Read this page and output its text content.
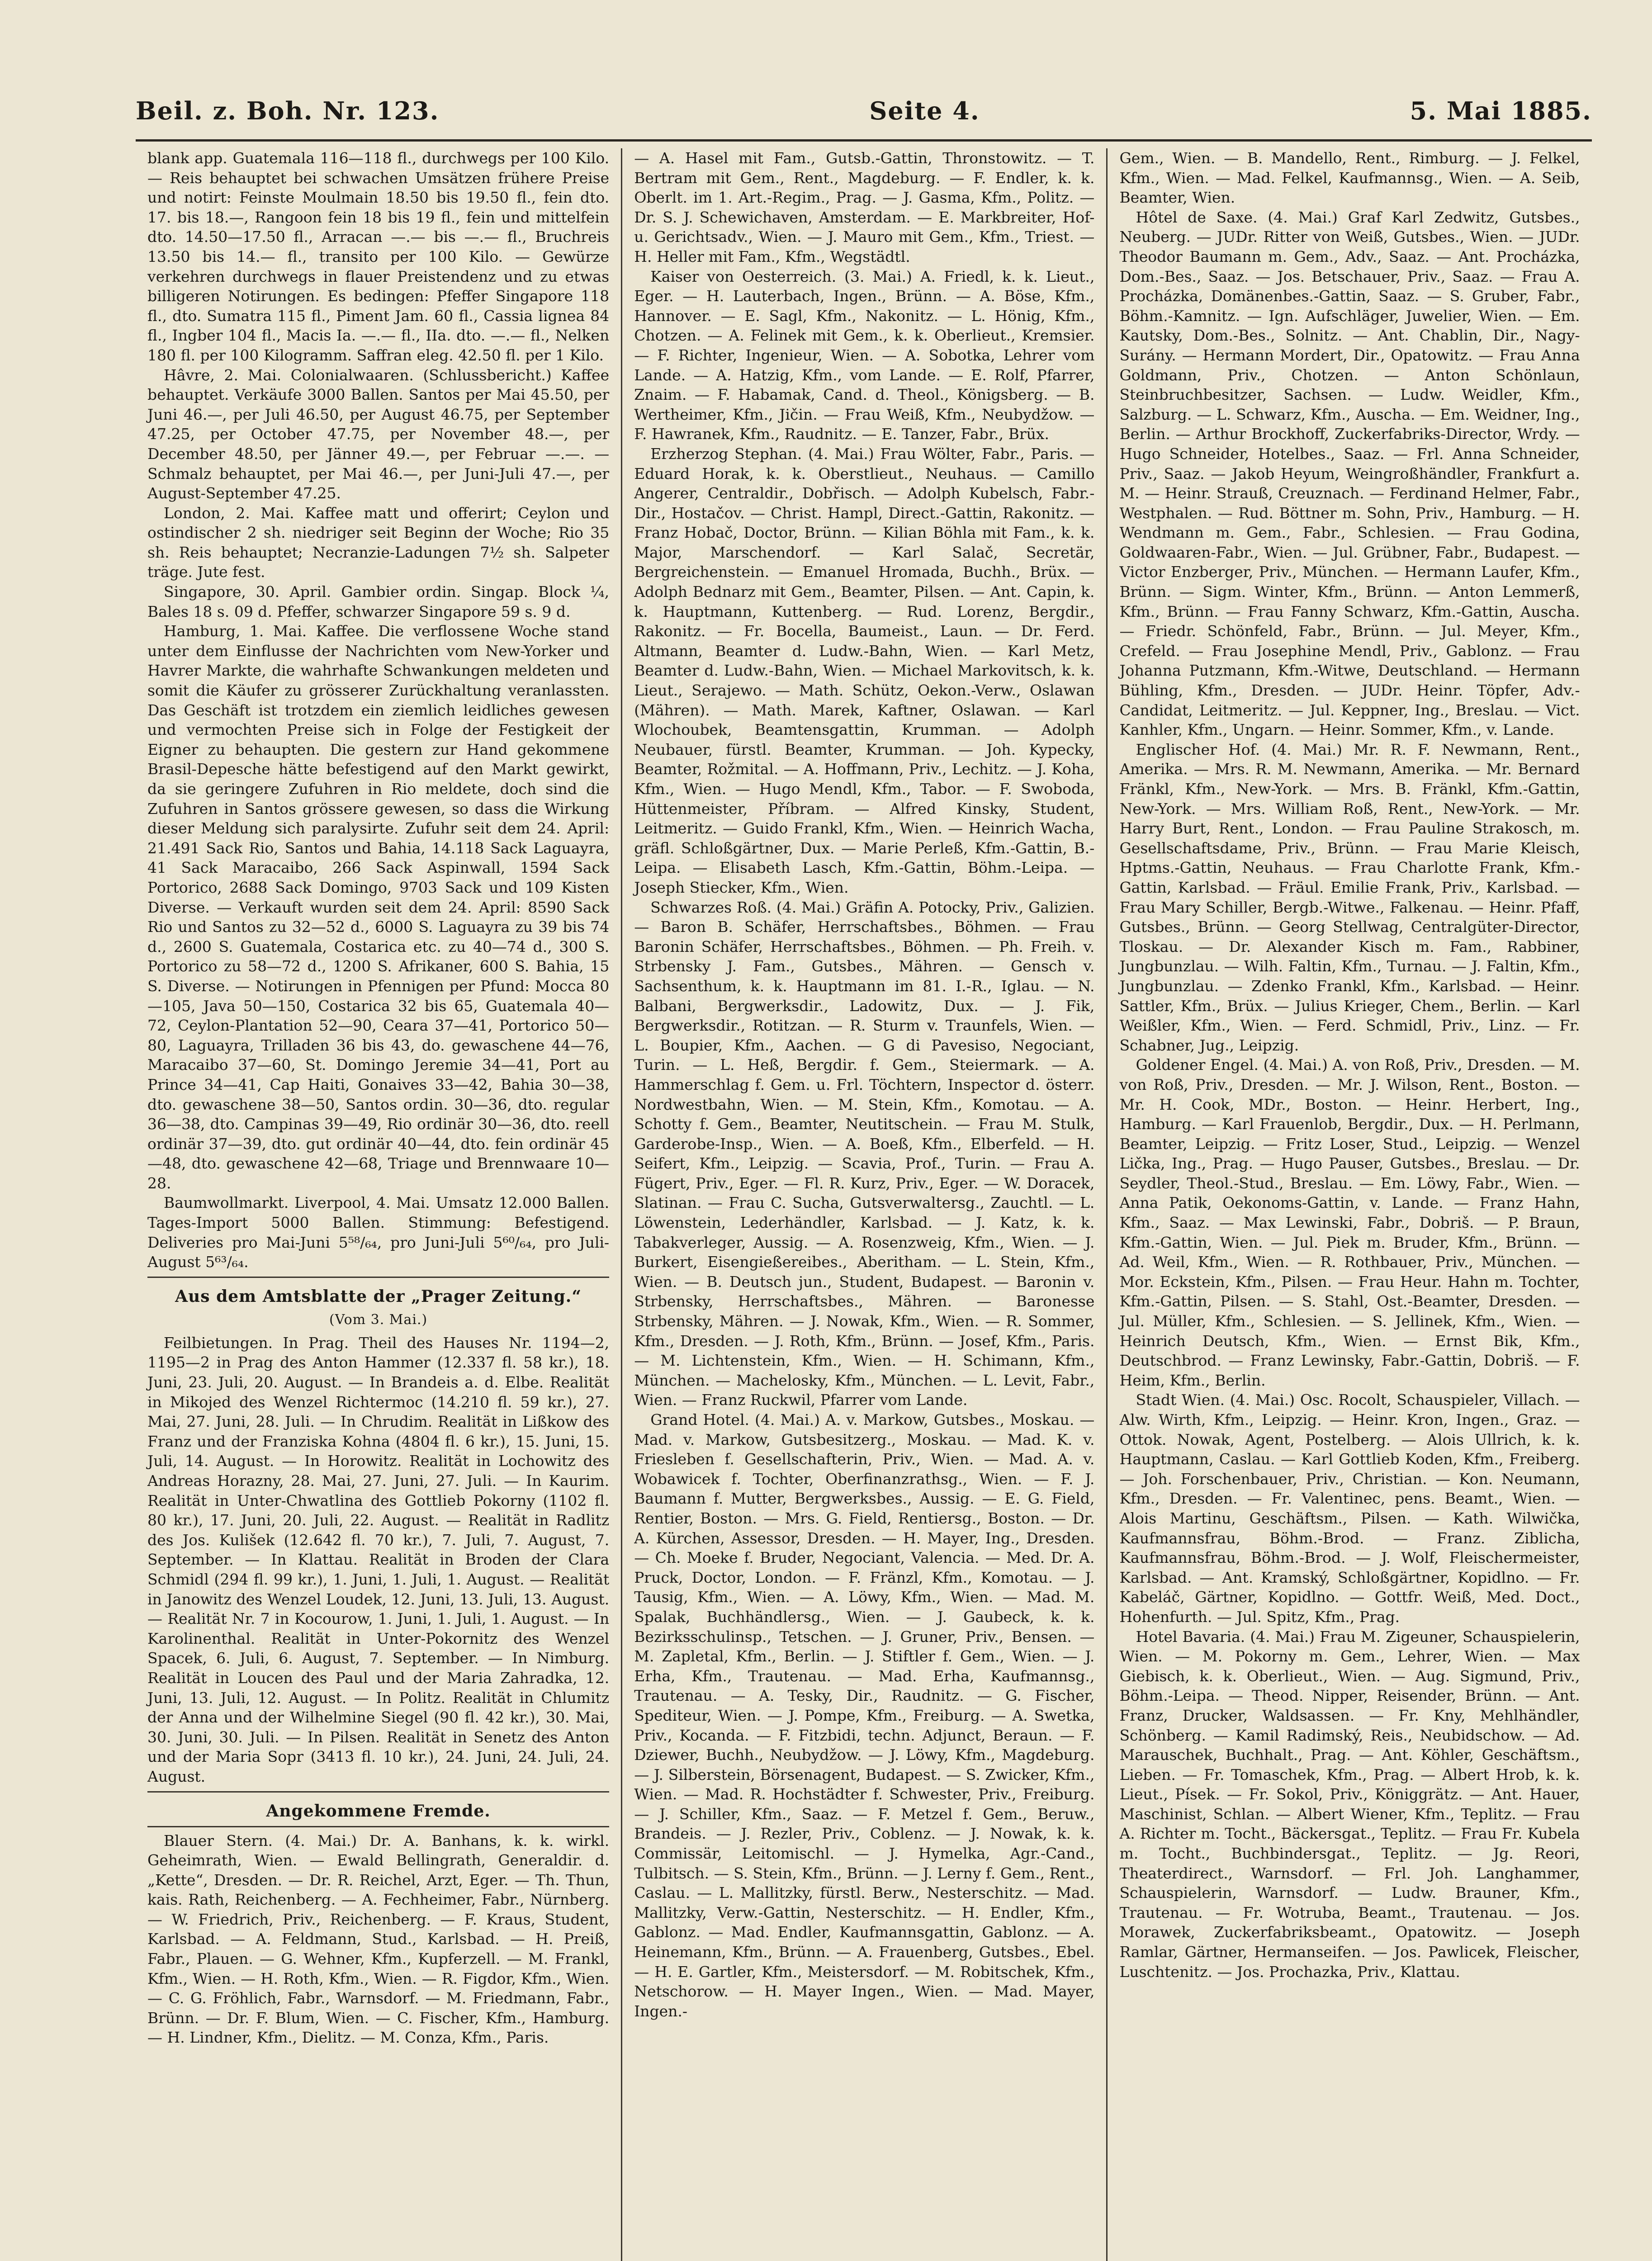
Beil. z. Boh. Nr. 123.	Seite 4.	5. Mai 1885.

blank app. Guatemala 116—118 fl., durchwegs per 100 Kilo. — Reis behauptet bei schwachen Umsätzen frühere Preise und notirt: Feinste Moulmain 18.50 bis 19.50 fl., fein dto. 17. bis 18.—, Rangoon fein 18 bis 19 fl., fein und mittelfein dto. 14.50—17.50 fl., Arracan —.— bis —.— fl., Bruchreis 13.50 bis 14.— fl., transito per 100 Kilo. — Gewürze verkehren durchwegs in flauer Preistendenz und zu etwas billigeren Notirungen. Es bedingen: Pfeffer Singapore 118 fl., dto. Sumatra 115 fl., Piment Jam. 60 fl., Cassia lignea 84 fl., Ingber 104 fl., Macis Ia. —.— fl., IIa. dto. —.— fl., Nelken 180 fl. per 100 Kilogramm. Saffran eleg. 42.50 fl. per 1 Kilo.

Hâvre, 2. Mai. Colonialwaaren. (Schlussbericht.) Kaffee behauptet. Verkäufe 3000 Ballen. Santos per Mai 45.50, per Juni 46.—, per Juli 46.50, per August 46.75, per September 47.25, per October 47.75, per November 48.—, per December 48.50, per Jänner 49.—, per Februar —.—. — Schmalz behauptet, per Mai 46.—, per Juni-Juli 47.—, per August-September 47.25.

London, 2. Mai. Kaffee matt und offerirt; Ceylon und ostindischer 2 sh. niedriger seit Beginn der Woche; Rio 35 sh. Reis behauptet; Necranzie-Ladungen 7½ sh. Salpeter träge. Jute fest.

Singapore, 30. April. Gambier ordin. Singap. Block ¼, Bales 18 s. 09 d. Pfeffer, schwarzer Singapore 59 s. 9 d.

Hamburg, 1. Mai. Kaffee. Die verflossene Woche stand unter dem Einflusse der Nachrichten vom New-Yorker und Havrer Markte, die wahrhafte Schwankungen meldeten und somit die Käufer zu grösserer Zurückhaltung veranlassten. Das Geschäft ist trotzdem ein ziemlich leidliches gewesen und vermochten Preise sich in Folge der Festigkeit der Eigner zu behaupten. Die gestern zur Hand gekommene Brasil-Depesche hätte befestigend auf den Markt gewirkt, da sie geringere Zufuhren in Rio meldete, doch sind die Zufuhren in Santos grössere gewesen, so dass die Wirkung dieser Meldung sich paralysirte. Zufuhr seit dem 24. April: 21.491 Sack Rio, Santos und Bahia, 14.118 Sack Laguayra, 41 Sack Maracaibo, 266 Sack Aspinwall, 1594 Sack Portorico, 2688 Sack Domingo, 9703 Sack und 109 Kisten Diverse. — Verkauft wurden seit dem 24. April: 8590 Sack Rio und Santos zu 32—52 d., 6000 S. Laguayra zu 39 bis 74 d., 2600 S. Guatemala, Costarica etc. zu 40—74 d., 300 S. Portorico zu 58—72 d., 1200 S. Afrikaner, 600 S. Bahia, 15 S. Diverse. — Notirungen in Pfennigen per Pfund: Mocca 80—105, Java 50—150, Costarica 32 bis 65, Guatemala 40—72, Ceylon-Plantation 52—90, Ceara 37—41, Portorico 50—80, Laguayra, Trilladen 36 bis 43, do. gewaschene 44—76, Maracaibo 37—60, St. Domingo Jeremie 34—41, Port au Prince 34—41, Cap Haiti, Gonaives 33—42, Bahia 30—38, dto. gewaschene 38—50, Santos ordin. 30—36, dto. regular 36—38, dto. Campinas 39—49, Rio ordinär 30—36, dto. reell ordinär 37—39, dto. gut ordinär 40—44, dto. fein ordinär 45—48, dto. gewaschene 42—68, Triage und Brennwaare 10—28.

Baumwollmarkt. Liverpool, 4. Mai. Umsatz 12.000 Ballen. Tages-Import 5000 Ballen. Stimmung: Befestigend. Deliveries pro Mai-Juni 5⁵⁸/₆₄, pro Juni-Juli 5⁶⁰/₆₄, pro Juli-August 5⁶³/₆₄.

Aus dem Amtsblatte der „Prager Zeitung.“
(Vom 3. Mai.)

Feilbietungen. In Prag. Theil des Hauses Nr. 1194—2, 1195—2 in Prag des Anton Hammer (12.337 fl. 58 kr.), 18. Juni, 23. Juli, 20. August. — In Brandeis a. d. Elbe. Realität in Mikojed des Wenzel Richtermoc (14.210 fl. 59 kr.), 27. Mai, 27. Juni, 28. Juli. — In Chrudim. Realität in Lißkow des Franz und der Franziska Kohna (4804 fl. 6 kr.), 15. Juni, 15. Juli, 14. August. — In Horowitz. Realität in Lochowitz des Andreas Horazny, 28. Mai, 27. Juni, 27. Juli. — In Kaurim. Realität in Unter-Chwatlina des Gottlieb Pokorny (1102 fl. 80 kr.), 17. Juni, 20. Juli, 22. August. — Realität in Radlitz des Jos. Kulišek (12.642 fl. 70 kr.), 7. Juli, 7. August, 7. September. — In Klattau. Realität in Broden der Clara Schmidl (294 fl. 99 kr.), 1. Juni, 1. Juli, 1. August. — Realität in Janowitz des Wenzel Loudek, 12. Juni, 13. Juli, 13. August. — Realität Nr. 7 in Kocourow, 1. Juni, 1. Juli, 1. August. — In Karolinenthal. Realität in Unter-Pokornitz des Wenzel Spacek, 6. Juli, 6. August, 7. September. — In Nimburg. Realität in Loucen des Paul und der Maria Zahradka, 12. Juni, 13. Juli, 12. August. — In Politz. Realität in Chlumitz der Anna und der Wilhelmine Siegel (90 fl. 42 kr.), 30. Mai, 30. Juni, 30. Juli. — In Pilsen. Realität in Senetz des Anton und der Maria Sopr (3413 fl. 10 kr.), 24. Juni, 24. Juli, 24. August.

Angekommene Fremde.

Blauer Stern. (4. Mai.) Dr. A. Banhans, k. k. wirkl. Geheimrath, Wien. — Ewald Bellingrath, Generaldir. d. „Kette“, Dresden. — Dr. R. Reichel, Arzt, Eger. — Th. Thun, kais. Rath, Reichenberg. — A. Fechheimer, Fabr., Nürnberg. — W. Friedrich, Priv., Reichenberg. — F. Kraus, Student, Karlsbad. — A. Feldmann, Stud., Karlsbad. — H. Preiß, Fabr., Plauen. — G. Wehner, Kfm., Kupferzell. — M. Frankl, Kfm., Wien. — H. Roth, Kfm., Wien. — R. Figdor, Kfm., Wien. — C. G. Fröhlich, Fabr., Warnsdorf. — M. Friedmann, Fabr., Brünn. — Dr. F. Blum, Wien. — C. Fischer, Kfm., Hamburg. — H. Lindner, Kfm., Dielitz. — M. Conza, Kfm., Paris.

— A. Hasel mit Fam., Gutsb.-Gattin, Thronstowitz. — T. Bertram mit Gem., Rent., Magdeburg. — F. Endler, k. k. Oberlt. im 1. Art.-Regim., Prag. — J. Gasma, Kfm., Politz. — Dr. S. J. Schewichaven, Amsterdam. — E. Markbreiter, Hof- u. Gerichtsadv., Wien. — J. Mauro mit Gem., Kfm., Triest. — H. Heller mit Fam., Kfm., Wegstädtl.

Kaiser von Oesterreich. (3. Mai.) A. Friedl, k. k. Lieut., Eger. — H. Lauterbach, Ingen., Brünn. — A. Böse, Kfm., Hannover. — E. Sagl, Kfm., Nakonitz. — L. Hönig, Kfm., Chotzen. — A. Felinek mit Gem., k. k. Oberlieut., Kremsier. — F. Richter, Ingenieur, Wien. — A. Sobotka, Lehrer vom Lande. — A. Hatzig, Kfm., vom Lande. — E. Rolf, Pfarrer, Znaim. — F. Habamak, Cand. d. Theol., Königsberg. — B. Wertheimer, Kfm., Jičin. — Frau Weiß, Kfm., Neubydžow. — F. Hawranek, Kfm., Raudnitz. — E. Tanzer, Fabr., Brüx.

Erzherzog Stephan. (4. Mai.) Frau Wölter, Fabr., Paris. — Eduard Horak, k. k. Oberstlieut., Neuhaus. — Camillo Angerer, Centraldir., Dobřisch. — Adolph Kubelsch, Fabr.-Dir., Hostačov. — Christ. Hampl, Direct.-Gattin, Rakonitz. — Franz Hobač, Doctor, Brünn. — Kilian Böhla mit Fam., k. k. Major, Marschendorf. — Karl Salač, Secretär, Bergreichenstein. — Emanuel Hromada, Buchh., Brüx. — Adolph Bednarz mit Gem., Beamter, Pilsen. — Ant. Capin, k. k. Hauptmann, Kuttenberg. — Rud. Lorenz, Bergdir., Rakonitz. — Fr. Bocella, Baumeist., Laun. — Dr. Ferd. Altmann, Beamter d. Ludw.-Bahn, Wien. — Karl Metz, Beamter d. Ludw.-Bahn, Wien. — Michael Markovitsch, k. k. Lieut., Serajewo. — Math. Schütz, Oekon.-Verw., Oslawan (Mähren). — Math. Marek, Kaftner, Oslawan. — Karl Wlochoubek, Beamtensgattin, Krumman. — Adolph Neubauer, fürstl. Beamter, Krumman. — Joh. Kypecky, Beamter, Rožmital. — A. Hoffmann, Priv., Lechitz. — J. Koha, Kfm., Wien. — Hugo Mendl, Kfm., Tabor. — F. Swoboda, Hüttenmeister, Příbram. — Alfred Kinsky, Student, Leitmeritz. — Guido Frankl, Kfm., Wien. — Heinrich Wacha, gräfl. Schloßgärtner, Dux. — Marie Perleß, Kfm.-Gattin, B.-Leipa. — Elisabeth Lasch, Kfm.-Gattin, Böhm.-Leipa. — Joseph Stiecker, Kfm., Wien.

Schwarzes Roß. (4. Mai.) Gräfin A. Potocky, Priv., Galizien. — Baron B. Schäfer, Herrschaftsbes., Böhmen. — Frau Baronin Schäfer, Herrschaftsbes., Böhmen. — Ph. Freih. v. Strbensky J. Fam., Gutsbes., Mähren. — Gensch v. Sachsenthum, k. k. Hauptmann im 81. I.-R., Iglau. — N. Balbani, Bergwerksdir., Ladowitz, Dux. — J. Fik, Bergwerksdir., Rotitzan. — R. Sturm v. Traunfels, Wien. — L. Boupier, Kfm., Aachen. — G di Pavesiso, Negociant, Turin. — L. Heß, Bergdir. f. Gem., Steiermark. — A. Hammerschlag f. Gem. u. Frl. Töchtern, Inspector d. österr. Nordwestbahn, Wien. — M. Stein, Kfm., Komotau. — A. Schotty f. Gem., Beamter, Neutitschein. — Frau M. Stulk, Garderobe-Insp., Wien. — A. Boeß, Kfm., Elberfeld. — H. Seifert, Kfm., Leipzig. — Scavia, Prof., Turin. — Frau A. Fügert, Priv., Eger. — Fl. R. Kurz, Priv., Eger. — W. Doracek, Slatinan. — Frau C. Sucha, Gutsverwaltersg., Zauchtl. — L. Löwenstein, Lederhändler, Karlsbad. — J. Katz, k. k. Tabakverleger, Aussig. — A. Rosenzweig, Kfm., Wien. — J. Burkert, Eisengießereibes., Aberitham. — L. Stein, Kfm., Wien. — B. Deutsch jun., Student, Budapest. — Baronin v. Strbensky, Herrschaftsbes., Mähren. — Baronesse Strbensky, Mähren. — J. Nowak, Kfm., Wien. — R. Sommer, Kfm., Dresden. — J. Roth, Kfm., Brünn. — Josef, Kfm., Paris. — M. Lichtenstein, Kfm., Wien. — H. Schimann, Kfm., München. — Machelosky, Kfm., München. — L. Levit, Fabr., Wien. — Franz Ruckwil, Pfarrer vom Lande.

Grand Hotel. (4. Mai.) A. v. Markow, Gutsbes., Moskau. — Mad. v. Markow, Gutsbesitzerg., Moskau. — Mad. K. v. Friesleben f. Gesellschafterin, Priv., Wien. — Mad. A. v. Wobawicek f. Tochter, Oberfinanzrathsg., Wien. — F. J. Baumann f. Mutter, Bergwerksbes., Aussig. — E. G. Field, Rentier, Boston. — Mrs. G. Field, Rentiersg., Boston. — Dr. A. Kürchen, Assessor, Dresden. — H. Mayer, Ing., Dresden. — Ch. Moeke f. Bruder, Negociant, Valencia. — Med. Dr. A. Pruck, Doctor, London. — F. Fränzl, Kfm., Komotau. — J. Tausig, Kfm., Wien. — A. Löwy, Kfm., Wien. — Mad. M. Spalak, Buchhändlersg., Wien. — J. Gaubeck, k. k. Bezirksschulinsp., Tetschen. — J. Gruner, Priv., Bensen. — M. Zapletal, Kfm., Berlin. — J. Stiftler f. Gem., Wien. — J. Erha, Kfm., Trautenau. — Mad. Erha, Kaufmannsg., Trautenau. — A. Tesky, Dir., Raudnitz. — G. Fischer, Spediteur, Wien. — J. Pompe, Kfm., Freiburg. — A. Swetka, Priv., Kocanda. — F. Fitzbidi, techn. Adjunct, Beraun. — F. Dziewer, Buchh., Neubydžow. — J. Löwy, Kfm., Magdeburg. — J. Silberstein, Börsenagent, Budapest. — S. Zwicker, Kfm., Wien. — Mad. R. Hochstädter f. Schwester, Priv., Freiburg. — J. Schiller, Kfm., Saaz. — F. Metzel f. Gem., Beruw., Brandeis. — J. Rezler, Priv., Coblenz. — J. Nowak, k. k. Commissär, Leitomischl. — J. Hymelka, Agr.-Cand., Tulbitsch. — S. Stein, Kfm., Brünn. — J. Lerny f. Gem., Rent., Caslau. — L. Mallitzky, fürstl. Berw., Nesterschitz. — Mad. Mallitzky, Verw.-Gattin, Nesterschitz. — H. Endler, Kfm., Gablonz. — Mad. Endler, Kaufmannsgattin, Gablonz. — A. Heinemann, Kfm., Brünn. — A. Frauenberg, Gutsbes., Ebel. — H. E. Gartler, Kfm., Meistersdorf. — M. Robitschek, Kfm., Netschorow. — H. Mayer Ingen., Wien. — Mad. Mayer, Ingen.-

Gem., Wien. — B. Mandello, Rent., Rimburg. — J. Felkel, Kfm., Wien. — Mad. Felkel, Kaufmannsg., Wien. — A. Seib, Beamter, Wien.

Hôtel de Saxe. (4. Mai.) Graf Karl Zedwitz, Gutsbes., Neuberg. — JUDr. Ritter von Weiß, Gutsbes., Wien. — JUDr. Theodor Baumann m. Gem., Adv., Saaz. — Ant. Procházka, Dom.-Bes., Saaz. — Jos. Betschauer, Priv., Saaz. — Frau A. Procházka, Domänenbes.-Gattin, Saaz. — S. Gruber, Fabr., Böhm.-Kamnitz. — Ign. Aufschläger, Juwelier, Wien. — Em. Kautsky, Dom.-Bes., Solnitz. — Ant. Chablin, Dir., Nagy-Surány. — Hermann Mordert, Dir., Opatowitz. — Frau Anna Goldmann, Priv., Chotzen. — Anton Schönlaun, Steinbruchbesitzer, Sachsen. — Ludw. Weidler, Kfm., Salzburg. — L. Schwarz, Kfm., Auscha. — Em. Weidner, Ing., Berlin. — Arthur Brockhoff, Zuckerfabriks-Director, Wrdy. — Hugo Schneider, Hotelbes., Saaz. — Frl. Anna Schneider, Priv., Saaz. — Jakob Heyum, Weingroßhändler, Frankfurt a. M. — Heinr. Strauß, Creuznach. — Ferdinand Helmer, Fabr., Westphalen. — Rud. Böttner m. Sohn, Priv., Hamburg. — H. Wendmann m. Gem., Fabr., Schlesien. — Frau Godina, Goldwaaren-Fabr., Wien. — Jul. Grübner, Fabr., Budapest. — Victor Enzberger, Priv., München. — Hermann Laufer, Kfm., Brünn. — Sigm. Winter, Kfm., Brünn. — Anton Lemmerß, Kfm., Brünn. — Frau Fanny Schwarz, Kfm.-Gattin, Auscha. — Friedr. Schönfeld, Fabr., Brünn. — Jul. Meyer, Kfm., Crefeld. — Frau Josephine Mendl, Priv., Gablonz. — Frau Johanna Putzmann, Kfm.-Witwe, Deutschland. — Hermann Bühling, Kfm., Dresden. — JUDr. Heinr. Töpfer, Adv.-Candidat, Leitmeritz. — Jul. Keppner, Ing., Breslau. — Vict. Kanhler, Kfm., Ungarn. — Heinr. Sommer, Kfm., v. Lande.

Englischer Hof. (4. Mai.) Mr. R. F. Newmann, Rent., Amerika. — Mrs. R. M. Newmann, Amerika. — Mr. Bernard Fränkl, Kfm., New-York. — Mrs. B. Fränkl, Kfm.-Gattin, New-York. — Mrs. William Roß, Rent., New-York. — Mr. Harry Burt, Rent., London. — Frau Pauline Strakosch, m. Gesellschaftsdame, Priv., Brünn. — Frau Marie Kleisch, Hptms.-Gattin, Neuhaus. — Frau Charlotte Frank, Kfm.-Gattin, Karlsbad. — Fräul. Emilie Frank, Priv., Karlsbad. — Frau Mary Schiller, Bergb.-Witwe., Falkenau. — Heinr. Pfaff, Gutsbes., Brünn. — Georg Stellwag, Centralgüter-Director, Tloskau. — Dr. Alexander Kisch m. Fam., Rabbiner, Jungbunzlau. — Wilh. Faltin, Kfm., Turnau. — J. Faltin, Kfm., Jungbunzlau. — Zdenko Frankl, Kfm., Karlsbad. — Heinr. Sattler, Kfm., Brüx. — Julius Krieger, Chem., Berlin. — Karl Weißler, Kfm., Wien. — Ferd. Schmidl, Priv., Linz. — Fr. Schabner, Jug., Leipzig.

Goldener Engel. (4. Mai.) A. von Roß, Priv., Dresden. — M. von Roß, Priv., Dresden. — Mr. J. Wilson, Rent., Boston. — Mr. H. Cook, MDr., Boston. — Heinr. Herbert, Ing., Hamburg. — Karl Frauenlob, Bergdir., Dux. — H. Perlmann, Beamter, Leipzig. — Fritz Loser, Stud., Leipzig. — Wenzel Lička, Ing., Prag. — Hugo Pauser, Gutsbes., Breslau. — Dr. Seydler, Theol.-Stud., Breslau. — Em. Löwy, Fabr., Wien. — Anna Patik, Oekonoms-Gattin, v. Lande. — Franz Hahn, Kfm., Saaz. — Max Lewinski, Fabr., Dobriš. — P. Braun, Kfm.-Gattin, Wien. — Jul. Piek m. Bruder, Kfm., Brünn. — Ad. Weil, Kfm., Wien. — R. Rothbauer, Priv., München. — Mor. Eckstein, Kfm., Pilsen. — Frau Heur. Hahn m. Tochter, Kfm.-Gattin, Pilsen. — S. Stahl, Ost.-Beamter, Dresden. — Jul. Müller, Kfm., Schlesien. — S. Jellinek, Kfm., Wien. — Heinrich Deutsch, Kfm., Wien. — Ernst Bik, Kfm., Deutschbrod. — Franz Lewinsky, Fabr.-Gattin, Dobriš. — F. Heim, Kfm., Berlin.

Stadt Wien. (4. Mai.) Osc. Rocolt, Schauspieler, Villach. — Alw. Wirth, Kfm., Leipzig. — Heinr. Kron, Ingen., Graz. — Ottok. Nowak, Agent, Postelberg. — Alois Ullrich, k. k. Hauptmann, Caslau. — Karl Gottlieb Koden, Kfm., Freiberg. — Joh. Forschenbauer, Priv., Christian. — Kon. Neumann, Kfm., Dresden. — Fr. Valentinec, pens. Beamt., Wien. — Alois Martinu, Geschäftsm., Pilsen. — Kath. Wilwička, Kaufmannsfrau, Böhm.-Brod. — Franz. Ziblicha, Kaufmannsfrau, Böhm.-Brod. — J. Wolf, Fleischermeister, Karlsbad. — Ant. Kramský, Schloßgärtner, Kopidlno. — Fr. Kabeláč, Gärtner, Kopidlno. — Gottfr. Weiß, Med. Doct., Hohenfurth. — Jul. Spitz, Kfm., Prag.

Hotel Bavaria. (4. Mai.) Frau M. Zigeuner, Schauspielerin, Wien. — M. Pokorny m. Gem., Lehrer, Wien. — Max Giebisch, k. k. Oberlieut., Wien. — Aug. Sigmund, Priv., Böhm.-Leipa. — Theod. Nipper, Reisender, Brünn. — Ant. Franz, Drucker, Waldsassen. — Fr. Kny, Mehlhändler, Schönberg. — Kamil Radimský, Reis., Neubidschow. — Ad. Marauschek, Buchhalt., Prag. — Ant. Köhler, Geschäftsm., Lieben. — Fr. Tomaschek, Kfm., Prag. — Albert Hrob, k. k. Lieut., Písek. — Fr. Sokol, Priv., Königgrätz. — Ant. Hauer, Maschinist, Schlan. — Albert Wiener, Kfm., Teplitz. — Frau A. Richter m. Tocht., Bäckersgat., Teplitz. — Frau Fr. Kubela m. Tocht., Buchbindersgat., Teplitz. — Jg. Reori, Theaterdirect., Warnsdorf. — Frl. Joh. Langhammer, Schauspielerin, Warnsdorf. — Ludw. Brauner, Kfm., Trautenau. — Fr. Wotruba, Beamt., Trautenau. — Jos. Morawek, Zuckerfabriksbeamt., Opatowitz. — Joseph Ramlar, Gärtner, Hermanseifen. — Jos. Pawlicek, Fleischer, Luschtenitz. — Jos. Prochazka, Priv., Klattau.
